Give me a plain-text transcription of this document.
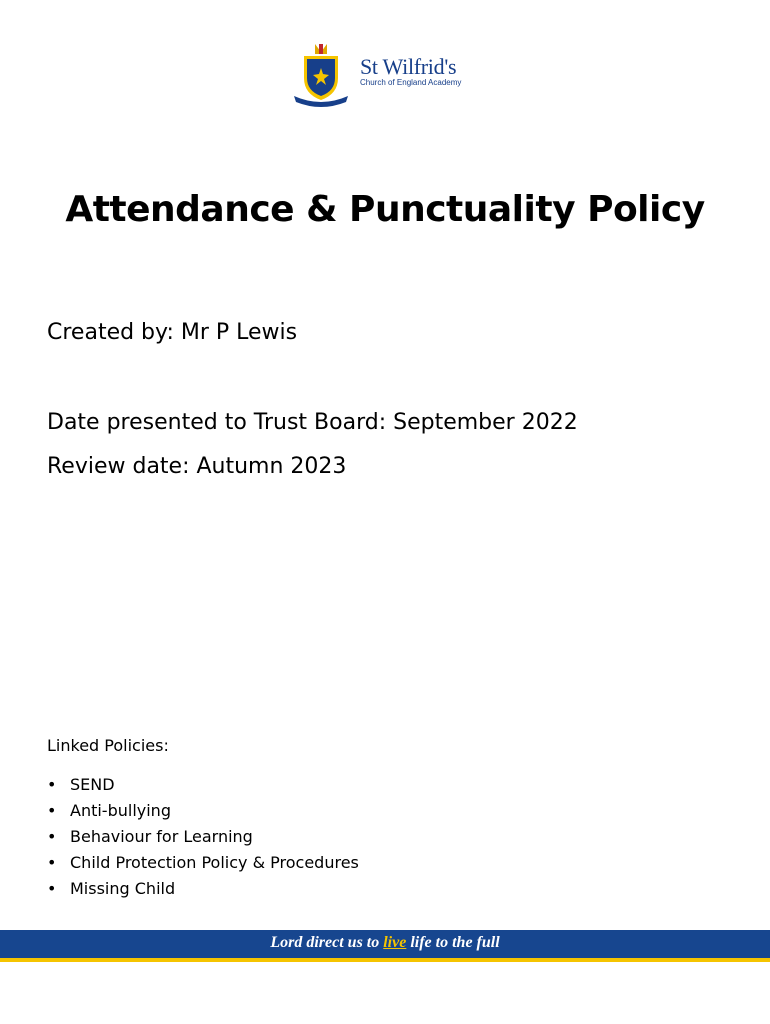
St Wilfrid's
Church of England Academy
Attendance & Punctuality Policy
Created by: Mr P Lewis
Date presented to Trust Board: September 2022
Review date: Autumn 2023
Linked Policies:
• SEND
• Anti-bullying
• Behaviour for Learning
• Child Protection Policy & Procedures
• Missing Child
Lord direct us to live life to the full
